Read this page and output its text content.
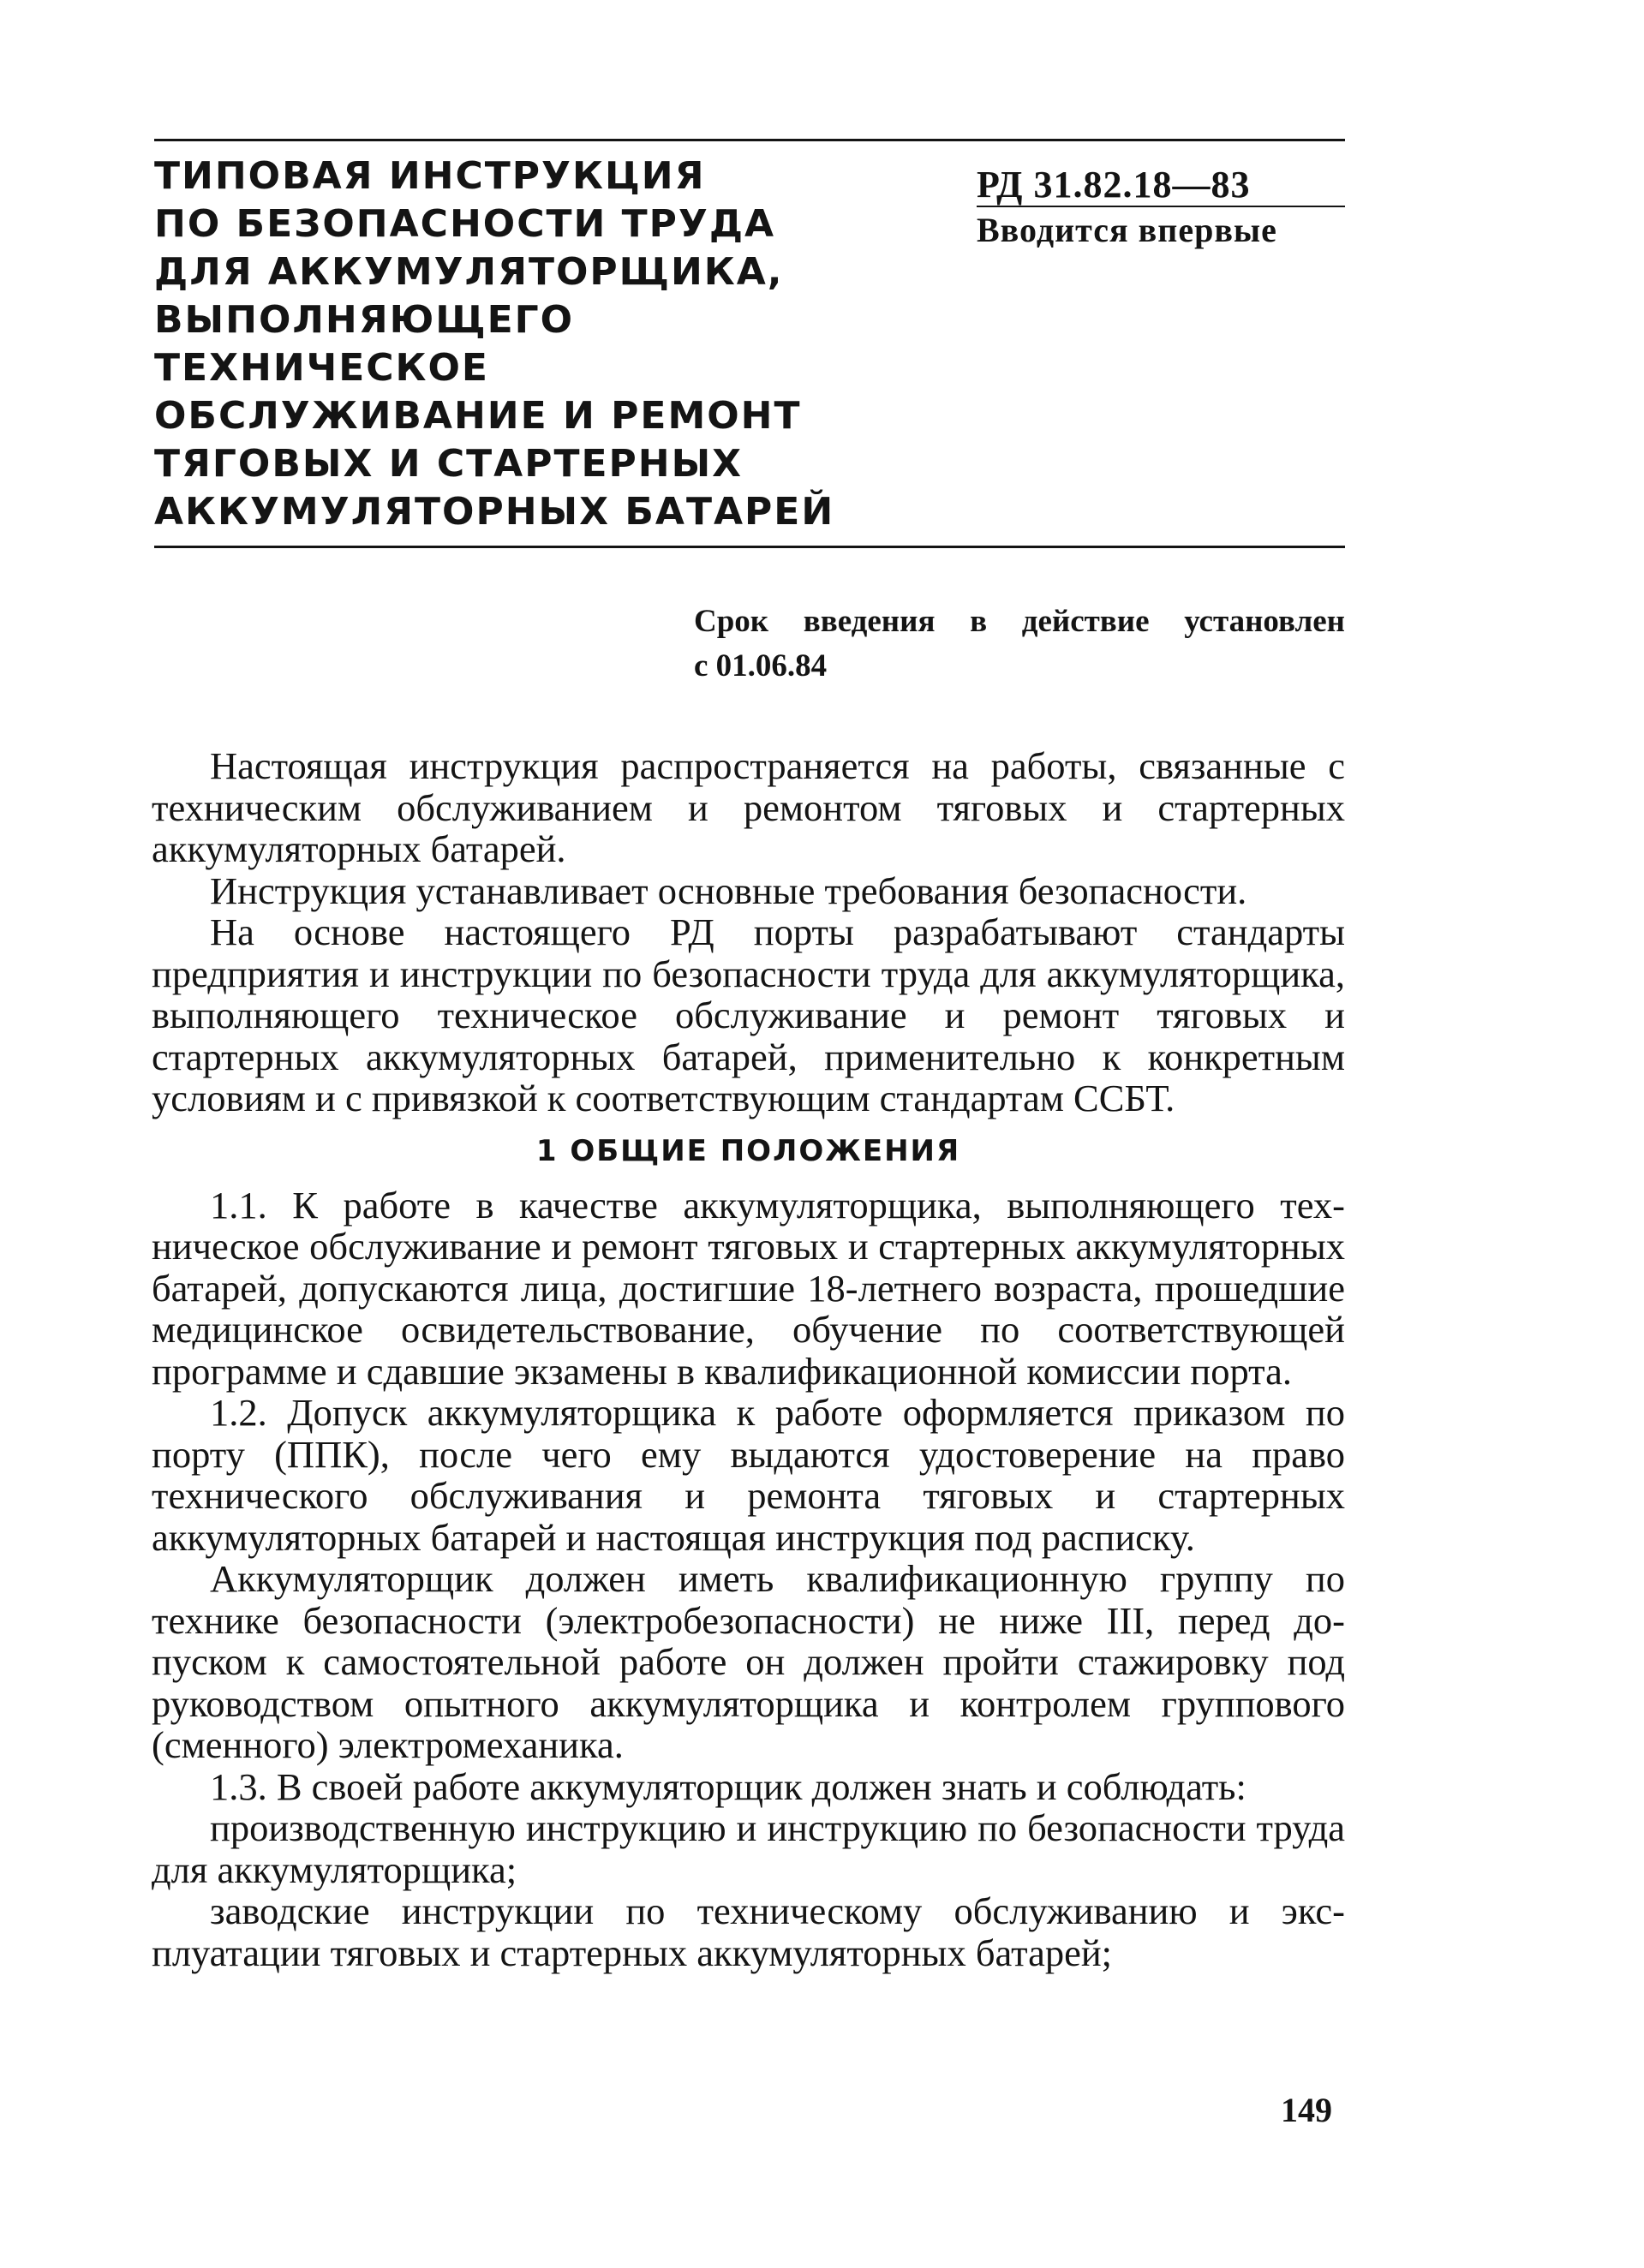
ТИПОВАЯ ИНСТРУКЦИЯ
ПО БЕЗОПАСНОСТИ ТРУДА
ДЛЯ АККУМУЛЯТОРЩИКА,
ВЫПОЛНЯЮЩЕГО
ТЕХНИЧЕСКОЕ
ОБСЛУЖИВАНИЕ И РЕМОНТ
ТЯГОВЫХ И СТАРТЕРНЫХ
АККУМУЛЯТОРНЫХ БАТАРЕЙ
РД 31.82.18—83
Вводится впервые
Срок введения в действие установлен
с 01.06.84

Настоящая инструкция распространяется на работы, связанные с техническим обслуживанием и ремонтом тяговых и стартерных аккумуляторных батарей.

Инструкция устанавливает основные требования безопасности.

На основе настоящего РД порты разрабатывают стандарты предприятия и инструкции по безопасности труда для аккумуляторщика, выполняющего техническое обслуживание и ремонт тяговых и стартерных аккумуляторных батарей, применительно к конкретным условиям и с привязкой к соответствующим стандартам ССБТ.

1 ОБЩИЕ ПОЛОЖЕНИЯ

1.1. К работе в качестве аккумуляторщика, выполняющего техническое обслуживание и ремонт тяговых и стартерных аккумуляторных батарей, допускаются лица, достигшие 18-летнего возраста, прошедшие медицинское освидетельствование, обучение по соответствующей программе и сдавшие экзамены в квалификационной комиссии порта.

1.2. Допуск аккумуляторщика к работе оформляется приказом по порту (ППК), после чего ему выдаются удостоверение на право технического обслуживания и ремонта тяговых и стартерных аккумуляторных батарей и настоящая инструкция под расписку.

Аккумуляторщик должен иметь квалификационную группу по технике безопасности (электробезопасности) не ниже III, перед допуском к самостоятельной работе он должен пройти стажировку под руководством опытного аккумуляторщика и контролем группового (сменного) электромеханика.

1.3. В своей работе аккумуляторщик должен знать и соблюдать:

производственную инструкцию и инструкцию по безопасности труда для аккумуляторщика;

заводские инструкции по техническому обслуживанию и эксплуатации тяговых и стартерных аккумуляторных батарей;

149
